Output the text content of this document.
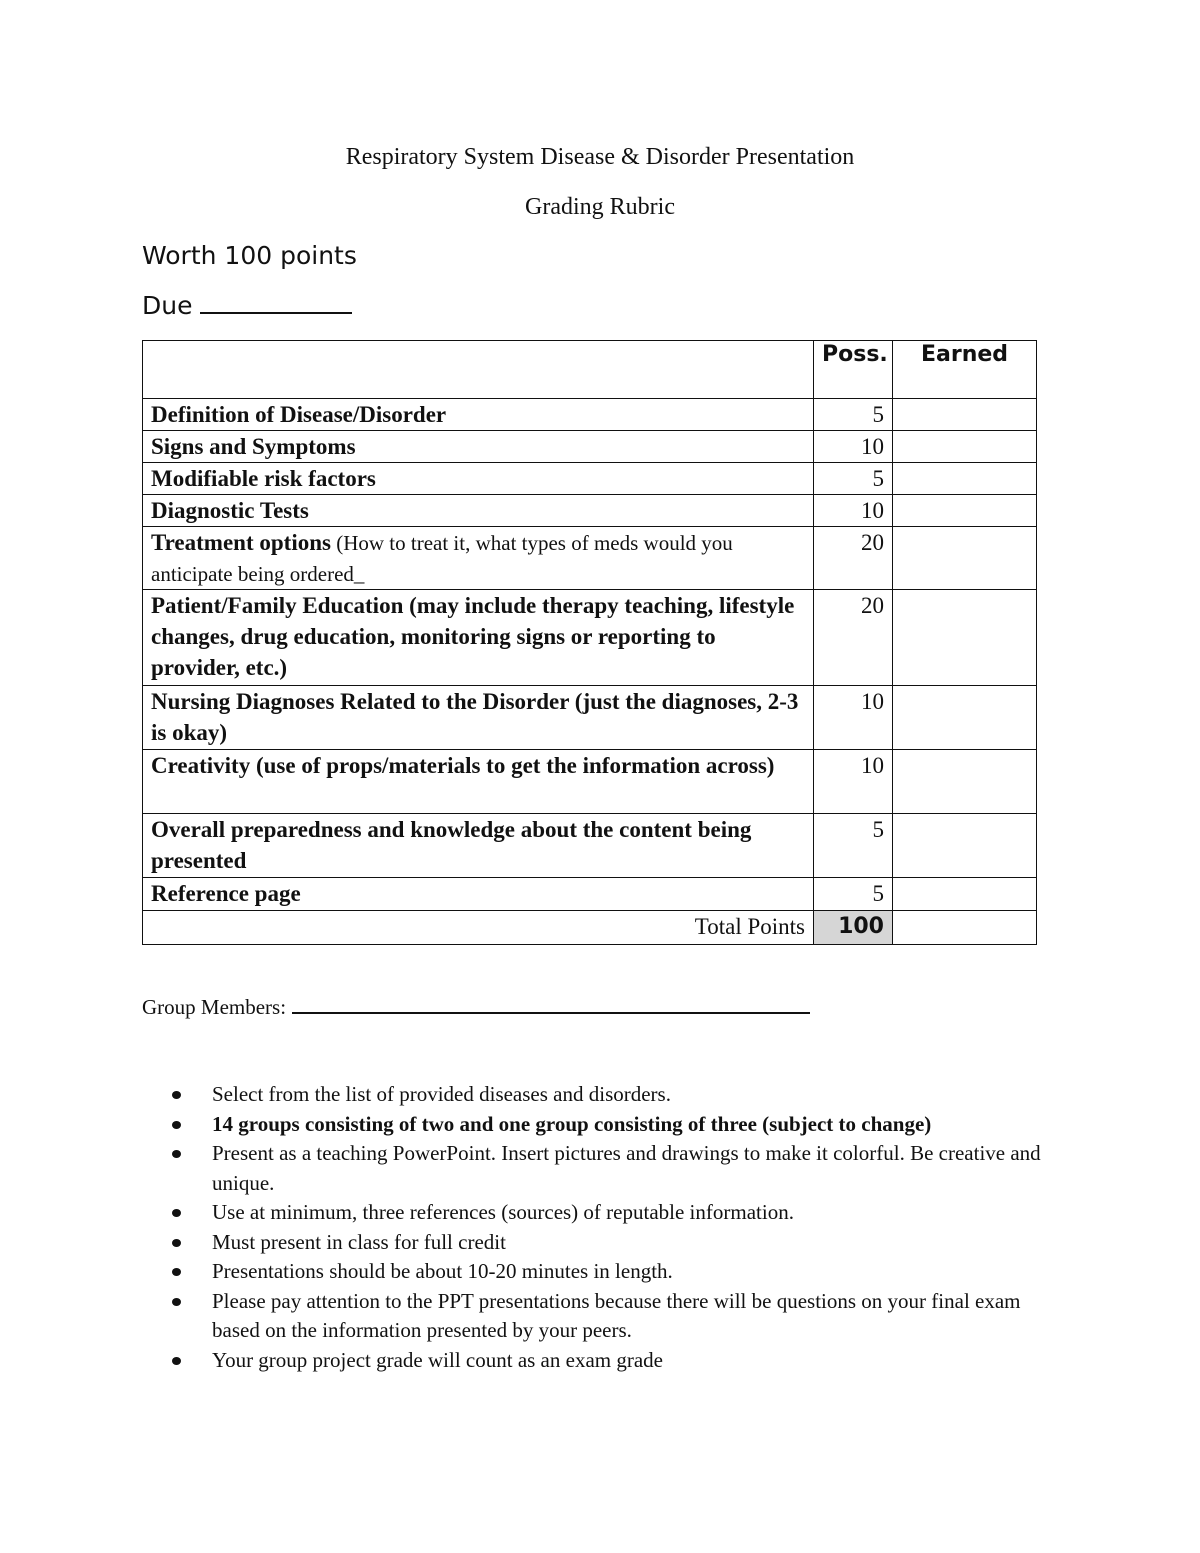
Respiratory System Disease & Disorder Presentation
Grading Rubric
Worth 100 points
Due
	Poss.	Earned
Definition of Disease/Disorder	5	
Signs and Symptoms	10	
Modifiable risk factors	5	
Diagnostic Tests	10	
Treatment options (How to treat it, what types of meds would you anticipate being ordered_	20	
Patient/Family Education (may include therapy teaching, lifestyle changes, drug education, monitoring signs or reporting to provider, etc.)	20	
Nursing Diagnoses Related to the Disorder (just the diagnoses, 2-3 is okay)	10	
Creativity (use of props/materials to get the information across)	10	
Overall preparedness and knowledge about the content being presented	5	
Reference page	5	
Total Points	100	
Group Members:
Select from the list of provided diseases and disorders.
14 groups consisting of two and one group consisting of three (subject to change)
Present as a teaching PowerPoint. Insert pictures and drawings to make it colorful. Be creative and unique.
Use at minimum, three references (sources) of reputable information.
Must present in class for full credit
Presentations should be about 10-20 minutes in length.
Please pay attention to the PPT presentations because there will be questions on your final exam based on the information presented by your peers.
Your group project grade will count as an exam grade
